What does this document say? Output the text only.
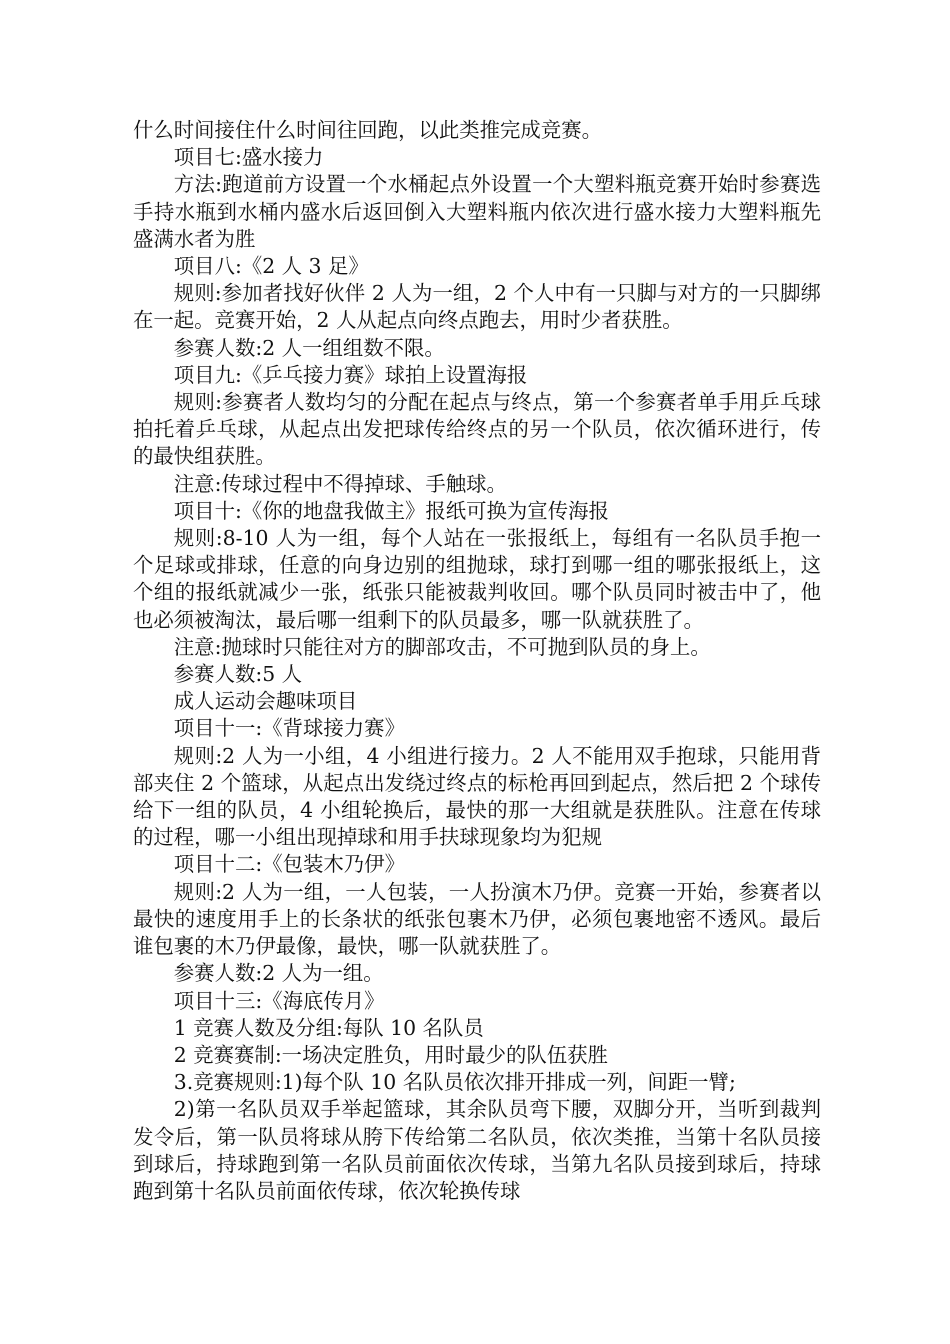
什么时间接住什么时间往回跑，以此类推完成竞赛。

项目七:盛水接力

方法:跑道前方设置一个水桶起点外设置一个大塑料瓶竞赛开始时参赛选手持水瓶到水桶内盛水后返回倒入大塑料瓶内依次进行盛水接力大塑料瓶先盛满水者为胜

项目八:《2 人 3 足》

规则:参加者找好伙伴 2 人为一组，2 个人中有一只脚与对方的一只脚绑在一起。竞赛开始，2 人从起点向终点跑去，用时少者获胜。

参赛人数:2 人一组组数不限。

项目九:《乒乓接力赛》球拍上设置海报

规则:参赛者人数均匀的分配在起点与终点，第一个参赛者单手用乒乓球拍托着乒乓球，从起点出发把球传给终点的另一个队员，依次循环进行，传的最快组获胜。

注意:传球过程中不得掉球、手触球。

项目十:《你的地盘我做主》报纸可换为宣传海报

规则:8-10 人为一组，每个人站在一张报纸上，每组有一名队员手抱一个足球或排球，任意的向身边别的组抛球，球打到哪一组的哪张报纸上，这个组的报纸就减少一张，纸张只能被裁判收回。哪个队员同时被击中了，他也必须被淘汰，最后哪一组剩下的队员最多，哪一队就获胜了。

注意:抛球时只能往对方的脚部攻击，不可抛到队员的身上。

参赛人数:5 人

成人运动会趣味项目

项目十一:《背球接力赛》

规则:2 人为一小组，4 小组进行接力。2 人不能用双手抱球，只能用背部夹住 2 个篮球，从起点出发绕过终点的标枪再回到起点，然后把 2 个球传给下一组的队员，4 小组轮换后，最快的那一大组就是获胜队。注意在传球的过程，哪一小组出现掉球和用手扶球现象均为犯规

项目十二:《包装木乃伊》

规则:2 人为一组，一人包装，一人扮演木乃伊。竞赛一开始，参赛者以最快的速度用手上的长条状的纸张包裹木乃伊，必须包裹地密不透风。最后谁包裹的木乃伊最像，最快，哪一队就获胜了。

参赛人数:2 人为一组。

项目十三:《海底传月》

1 竞赛人数及分组:每队 10 名队员

2 竞赛赛制:一场决定胜负，用时最少的队伍获胜

3.竞赛规则:1)每个队 10 名队员依次排开排成一列，间距一臂;

2)第一名队员双手举起篮球，其余队员弯下腰，双脚分开，当听到裁判发令后，第一队员将球从胯下传给第二名队员，依次类推，当第十名队员接到球后，持球跑到第一名队员前面依次传球，当第九名队员接到球后，持球跑到第十名队员前面依传球，依次轮换传球
